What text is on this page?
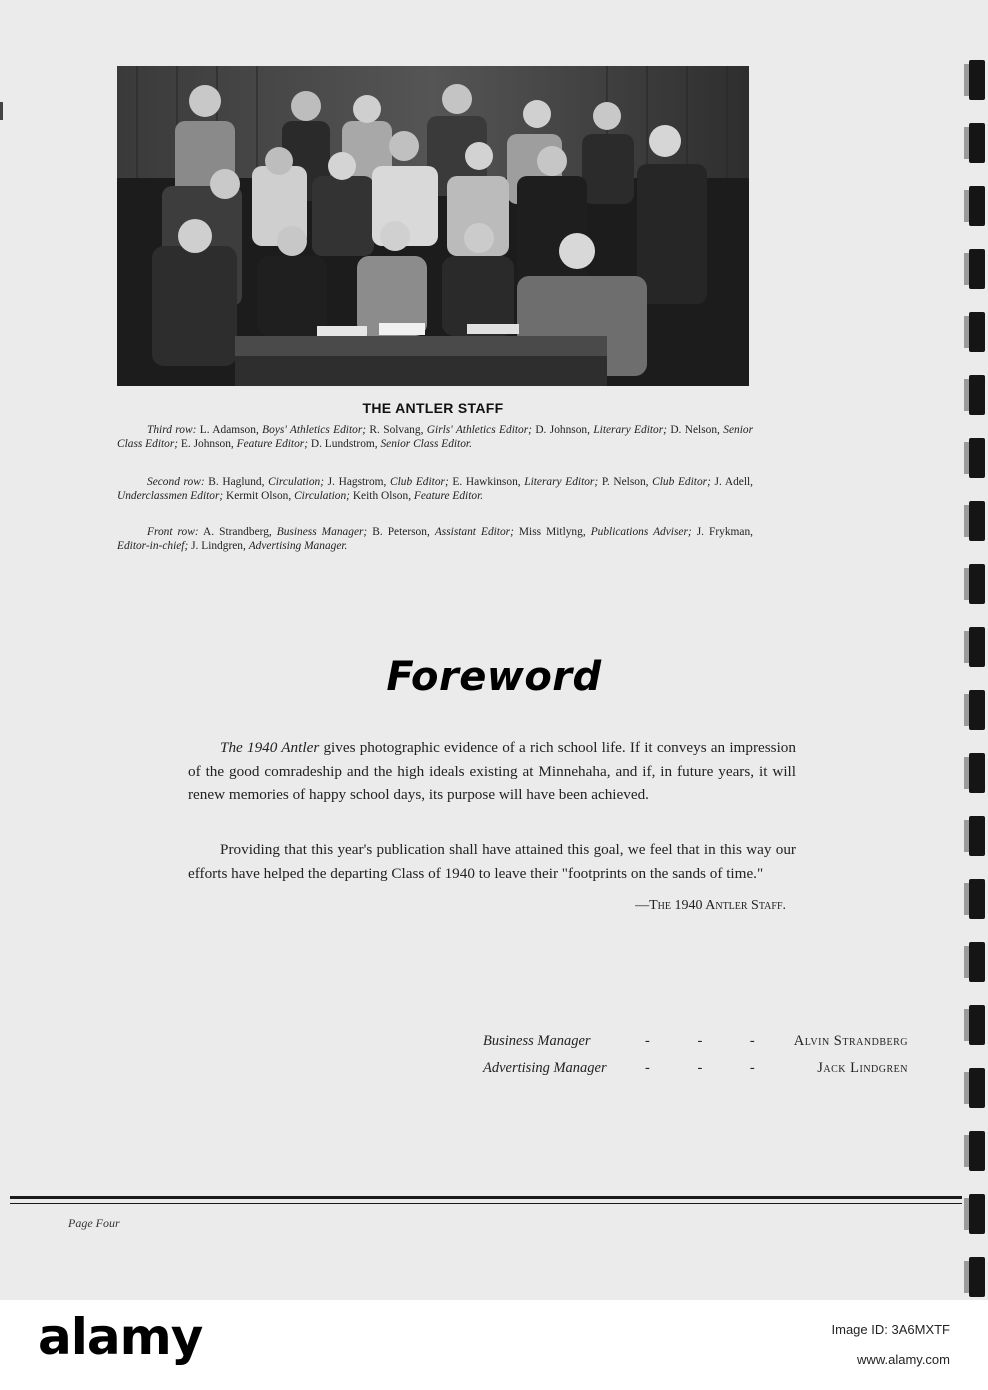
THE ANTLER STAFF

Third row: L. Adamson, Boys' Athletics Editor; R. Solvang, Girls' Athletics Editor; D. Johnson, Literary Editor; D. Nelson, Senior Class Editor; E. Johnson, Feature Editor; D. Lundstrom, Senior Class Editor.

Second row: B. Haglund, Circulation; J. Hagstrom, Club Editor; E. Hawkinson, Literary Editor; P. Nelson, Club Editor; J. Adell, Underclassmen Editor; Kermit Olson, Circulation; Keith Olson, Feature Editor.

Front row: A. Strandberg, Business Manager; B. Peterson, Assistant Editor; Miss Mitlyng, Publications Adviser; J. Frykman, Editor-in-chief; J. Lindgren, Advertising Manager.

Foreword

The 1940 Antler gives photographic evidence of a rich school life. If it conveys an impression of the good comradeship and the high ideals existing at Minnehaha, and if, in future years, it will renew memories of happy school days, its purpose will have been achieved.

Providing that this year's publication shall have attained this goal, we feel that in this way our efforts have helped the departing Class of 1940 to leave their "footprints on the sands of time."

—The 1940 Antler Staff.
Business Manager	- - - Alvin Strandberg
Advertising Manager	- - -	Jack Lindgren
Page Four
alamy	Image ID: 3A6MXTF
www.alamy.com
